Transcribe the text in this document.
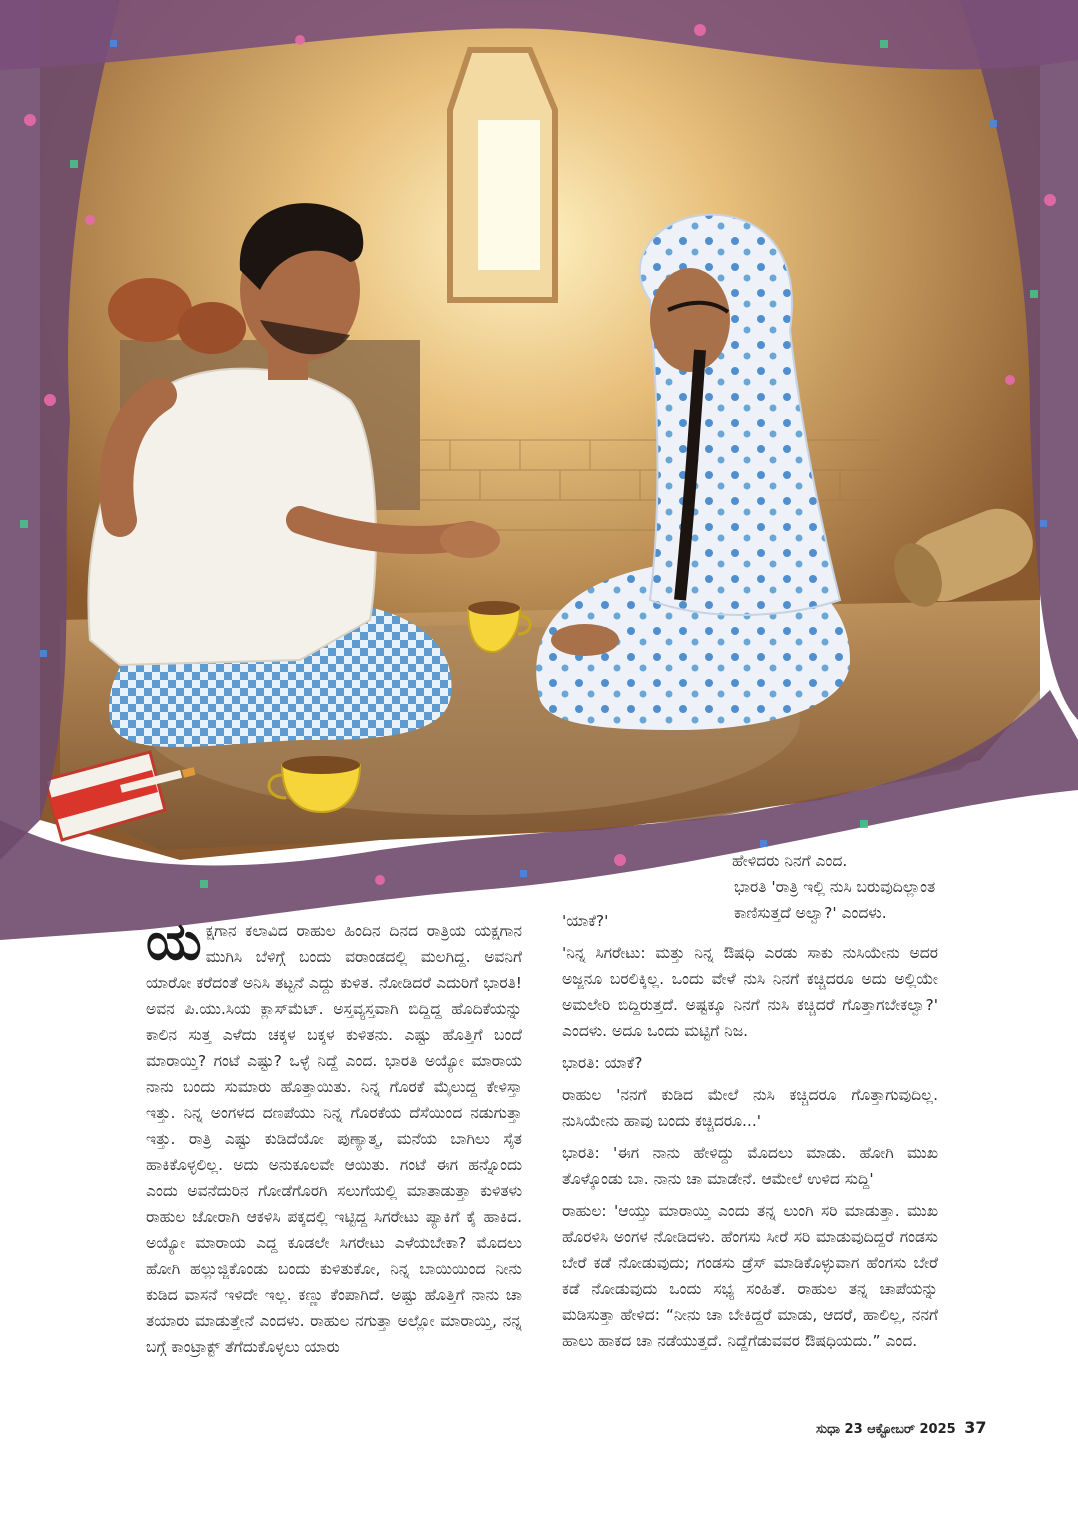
ಹೇಳಿದರು ನಿನಗೆ ಎಂದ.

ಭಾರತಿ 'ರಾತ್ರಿ ಇಲ್ಲಿ ನುಸಿ ಬರುವುದಿಲ್ಲಾಂತ ಕಾಣಿಸುತ್ತದೆ ಅಲ್ವಾ?' ಎಂದಳು.

ಯಕ್ಷಗಾನ ಕಲಾವಿದ ರಾಹುಲ ಹಿಂದಿನ ದಿನದ ರಾತ್ರಿಯ ಯಕ್ಷಗಾನ ಮುಗಿಸಿ ಬೆಳಿಗ್ಗೆ ಬಂದು ವರಾಂಡದಲ್ಲಿ ಮಲಗಿದ್ದ. ಅವನಿಗೆ ಯಾರೋ ಕರೆದಂತೆ ಅನಿಸಿ ತಟ್ಟನೆ ಎದ್ದು ಕುಳಿತ. ನೋಡಿದರೆ ಎದುರಿಗೆ ಭಾರತಿ! ಅವನ ಪಿ.ಯು.ಸಿಯ ಕ್ಲಾಸ್‌ಮೆಟ್. ಅಸ್ತವ್ಯಸ್ತವಾಗಿ ಬಿದ್ದಿದ್ದ ಹೊದಿಕೆಯನ್ನು ಕಾಲಿನ ಸುತ್ತ ಎಳೆದು ಚಕ್ಕಳ ಬಕ್ಕಳ ಕುಳಿತನು. ಎಷ್ಟು ಹೊತ್ತಿಗೆ ಬಂದೆ ಮಾರಾಯ್ತಿ? ಗಂಟೆ ಎಷ್ಟು? ಒಳ್ಳೆ ನಿದ್ದೆ ಎಂದ. ಭಾರತಿ ಅಯ್ಯೋ ಮಾರಾಯ ನಾನು ಬಂದು ಸುಮಾರು ಹೊತ್ತಾಯಿತು. ನಿನ್ನ ಗೊರಕೆ ಮೈಲುದ್ದ ಕೇಳಿಸ್ತಾ ಇತ್ತು. ನಿನ್ನ ಅಂಗಳದ ದಣಪೆಯು ನಿನ್ನ ಗೊರಕೆಯ ದೆಸೆಯಿಂದ ನಡುಗುತ್ತಾ ಇತ್ತು. ರಾತ್ರಿ ಎಷ್ಟು ಕುಡಿದೆಯೋ ಪುಣ್ಯಾತ್ಮ, ಮನೆಯ ಬಾಗಿಲು ಸೈತ ಹಾಕಿಕೊಳ್ಳಲಿಲ್ಲ. ಅದು ಅನುಕೂಲವೇ ಆಯಿತು. ಗಂಟೆ ಈಗ ಹನ್ನೊಂದು ಎಂದು ಅವನೆದುರಿನ ಗೋಡೆಗೊರಗಿ ಸಲುಗೆಯಲ್ಲಿ ಮಾತಾಡುತ್ತಾ ಕುಳಿತಳು ರಾಹುಲ ಜೋರಾಗಿ ಆಕಳಿಸಿ ಪಕ್ಕದಲ್ಲಿ ಇಟ್ಟಿದ್ದ ಸಿಗರೇಟು ಪ್ಯಾಕಿಗೆ ಕೈ ಹಾಕಿದ. ಅಯ್ಯೋ ಮಾರಾಯ ಎದ್ದ ಕೂಡಲೇ ಸಿಗರೇಟು ಎಳೆಯಬೇಕಾ? ಮೊದಲು ಹೋಗಿ ಹಲ್ಲುಜ್ಜಿಕೊಂಡು ಬಂದು ಕುಳಿತುಕೋ, ನಿನ್ನ ಬಾಯಿಯಿಂದ ನೀನು ಕುಡಿದ ವಾಸನೆ ಇಳಿದೇ ಇಲ್ಲ. ಕಣ್ಣು ಕೆಂಪಾಗಿದೆ. ಅಷ್ಟು ಹೊತ್ತಿಗೆ ನಾನು ಚಾ ತಯಾರು ಮಾಡುತ್ತೇನೆ ಎಂದಳು. ರಾಹುಲ ನಗುತ್ತಾ ಅಲ್ಲೋ ಮಾರಾಯ್ತಿ, ನನ್ನ ಬಗ್ಗೆ ಕಾಂಟ್ರಾಕ್ಟ್ ತೆಗೆದುಕೊಳ್ಳಲು ಯಾರು

'ಯಾಕೆ?'

'ನಿನ್ನ ಸಿಗರೇಟು: ಮತ್ತು ನಿನ್ನ ಔಷಧಿ ಎರಡು ಸಾಕು ನುಸಿಯೇನು ಅದರ ಅಜ್ಜನೂ ಬರಲಿಕ್ಕಿಲ್ಲ. ಒಂದು ವೇಳೆ ನುಸಿ ನಿನಗೆ ಕಚ್ಚಿದರೂ ಅದು ಅಲ್ಲಿಯೇ ಅಮಲೇರಿ ಬಿದ್ದಿರುತ್ತದೆ. ಅಷ್ಟಕ್ಕೂ ನಿನಗೆ ನುಸಿ ಕಚ್ಚಿದರೆ ಗೊತ್ತಾಗಬೇಕಲ್ವಾ?' ಎಂದಳು. ಅದೂ ಒಂದು ಮಟ್ಟಿಗೆ ನಿಜ.

ಭಾರತಿ: ಯಾಕೆ?

ರಾಹುಲ 'ನನಗೆ ಕುಡಿದ ಮೇಲೆ ನುಸಿ ಕಚ್ಚಿದರೂ ಗೊತ್ತಾಗುವುದಿಲ್ಲ. ನುಸಿಯೇನು ಹಾವು ಬಂದು ಕಚ್ಚಿದರೂ...'

ಭಾರತಿ: 'ಈಗ ನಾನು ಹೇಳಿದ್ದು ಮೊದಲು ಮಾಡು. ಹೋಗಿ ಮುಖ ತೊಳ್ಕೊಂಡು ಬಾ. ನಾನು ಚಾ ಮಾಡೇನೆ. ಆಮೇಲೆ ಉಳಿದ ಸುದ್ದಿ'

ರಾಹುಲ: 'ಆಯ್ತು ಮಾರಾಯ್ತಿ ಎಂದು ತನ್ನ ಲುಂಗಿ ಸರಿ ಮಾಡುತ್ತಾ. ಮುಖ ಹೊರಳಿಸಿ ಅಂಗಳ ನೋಡಿದಳು. ಹೆಂಗಸು ಸೀರೆ ಸರಿ ಮಾಡುವುದಿದ್ದರೆ ಗಂಡಸು ಬೇರೆ ಕಡೆ ನೋಡುವುದು; ಗಂಡಸು ಡ್ರೆಸ್ ಮಾಡಿಕೊಳ್ಳುವಾಗ ಹೆಂಗಸು ಬೇರೆ ಕಡೆ ನೋಡುವುದು ಒಂದು ಸಭ್ಯ ಸಂಹಿತೆ. ರಾಹುಲ ತನ್ನ ಚಾಪೆಯನ್ನು ಮಡಿಸುತ್ತಾ ಹೇಳಿದ: “ನೀನು ಚಾ ಬೇಕಿದ್ದರೆ ಮಾಡು, ಆದರೆ, ಹಾಲಿಲ್ಲ, ನನಗೆ ಹಾಲು ಹಾಕದ ಚಾ ನಡೆಯುತ್ತದೆ. ನಿದ್ದೆಗೆಡುವವರ ಔಷಧಿಯದು.” ಎಂದ.

ಸುಧಾ 23 ಆಕ್ಟೋಬರ್ 2025 37
